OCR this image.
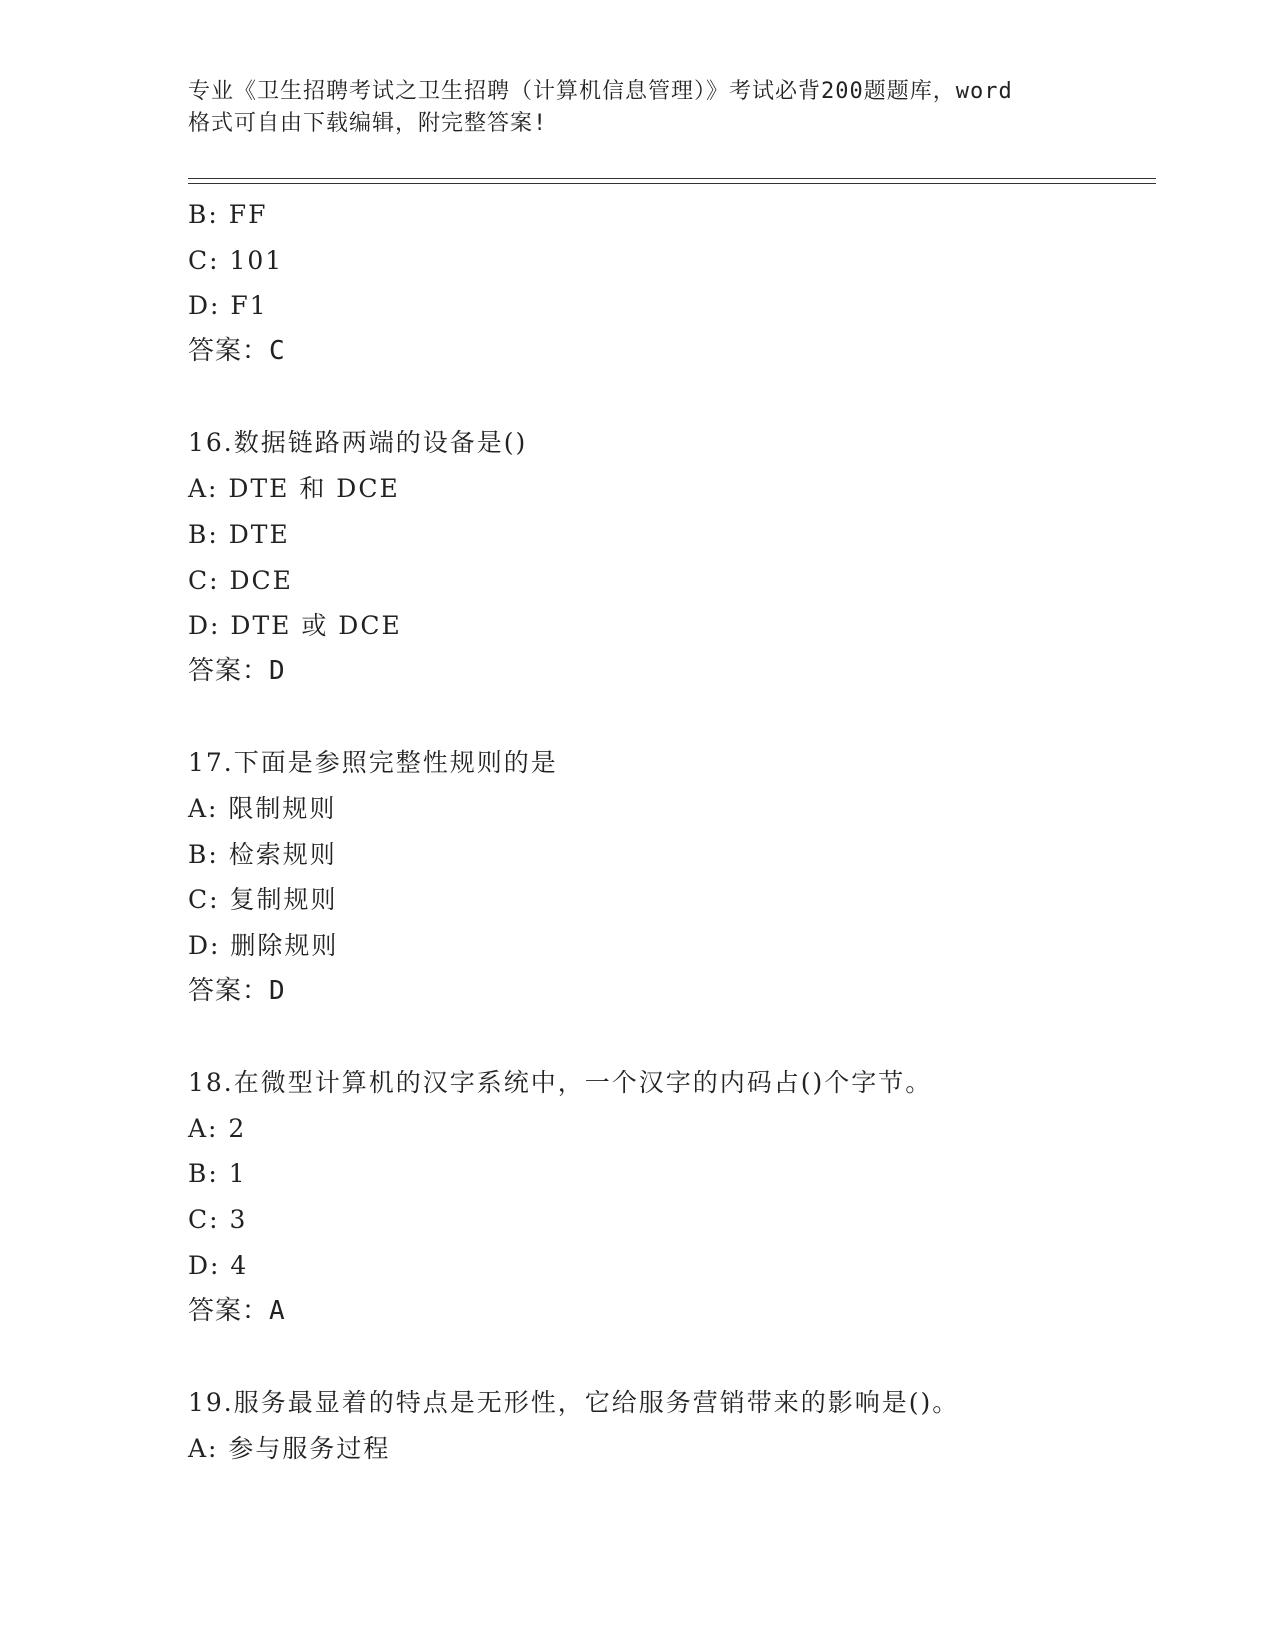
专业《卫生招聘考试之卫生招聘（计算机信息管理）》考试必背200题题库，word
格式可自由下载编辑，附完整答案!
B: FF
C: 101
D: F1
答案：C
16.数据链路两端的设备是()
A: DTE 和 DCE
B: DTE
C: DCE
D: DTE 或 DCE
答案：D
17.下面是参照完整性规则的是
A: 限制规则
B: 检索规则
C: 复制规则
D: 删除规则
答案：D
18.在微型计算机的汉字系统中，一个汉字的内码占()个字节。
A: 2
B: 1
C: 3
D: 4
答案：A
19.服务最显着的特点是无形性，它给服务营销带来的影响是()。
A: 参与服务过程
